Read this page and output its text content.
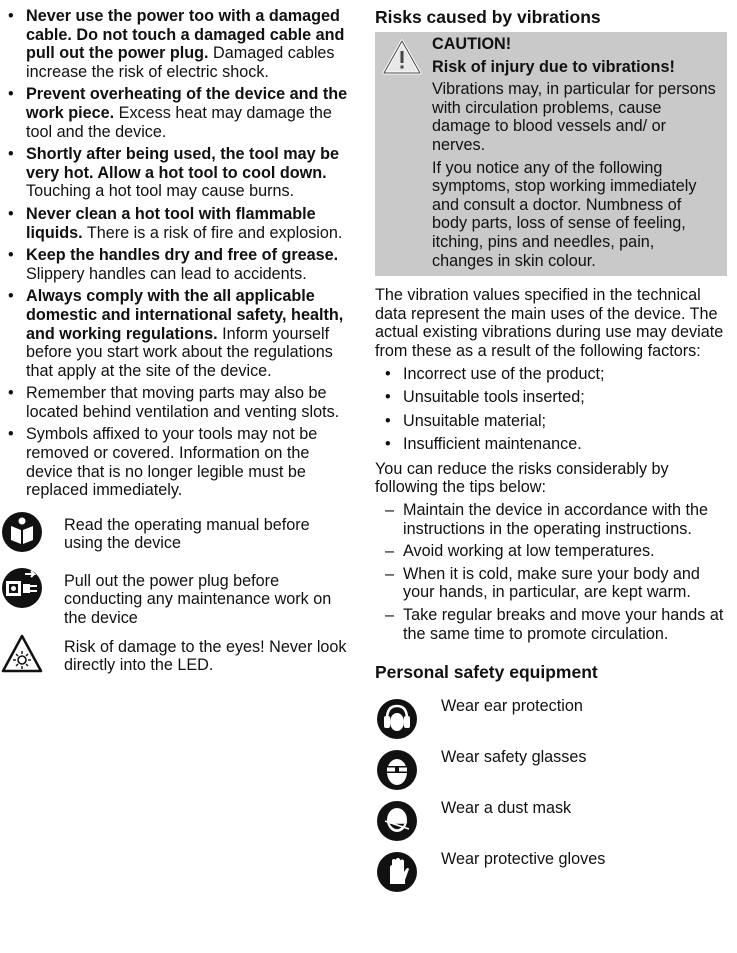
• Never use the power too with a damaged cable. Do not touch a damaged cable and pull out the power plug. Damaged cables increase the risk of electric shock.
• Prevent overheating of the device and the work piece. Excess heat may damage the tool and the device.
• Shortly after being used, the tool may be very hot. Allow a hot tool to cool down. Touching a hot tool may cause burns.
• Never clean a hot tool with flammable liquids. There is a risk of fire and explosion.
• Keep the handles dry and free of grease. Slippery handles can lead to accidents.
• Always comply with the all applicable domestic and international safety, health, and working regulations. Inform yourself before you start work about the regulations that apply at the site of the device.
• Remember that moving parts may also be located behind ventilation and venting slots.
• Symbols affixed to your tools may not be removed or covered. Information on the device that is no longer legible must be replaced immediately.
Read the operating manual before using the device
Pull out the power plug before conducting any maintenance work on the device
Risk of damage to the eyes! Never look directly into the LED.
Risks caused by vibrations

CAUTION!

Risk of injury due to vibrations!

Vibrations may, in particular for persons with circulation problems, cause damage to blood vessels and/ or nerves.

If you notice any of the following symptoms, stop working immediately and consult a doctor. Numbness of body parts, loss of sense of feeling, itching, pins and needles, pain, changes in skin colour.

The vibration values specified in the technical data represent the main uses of the device. The actual existing vibrations during use may deviate from these as a result of the following factors:

• Incorrect use of the product;
• Unsuitable tools inserted;
• Unsuitable material;
• Insufficient maintenance.

You can reduce the risks considerably by following the tips below:

– Maintain the device in accordance with the instructions in the operating instructions.
– Avoid working at low temperatures.
– When it is cold, make sure your body and your hands, in particular, are kept warm.
– Take regular breaks and move your hands at the same time to promote circulation.
Personal safety equipment
Wear ear protection
Wear safety glasses
Wear a dust mask
Wear protective gloves
